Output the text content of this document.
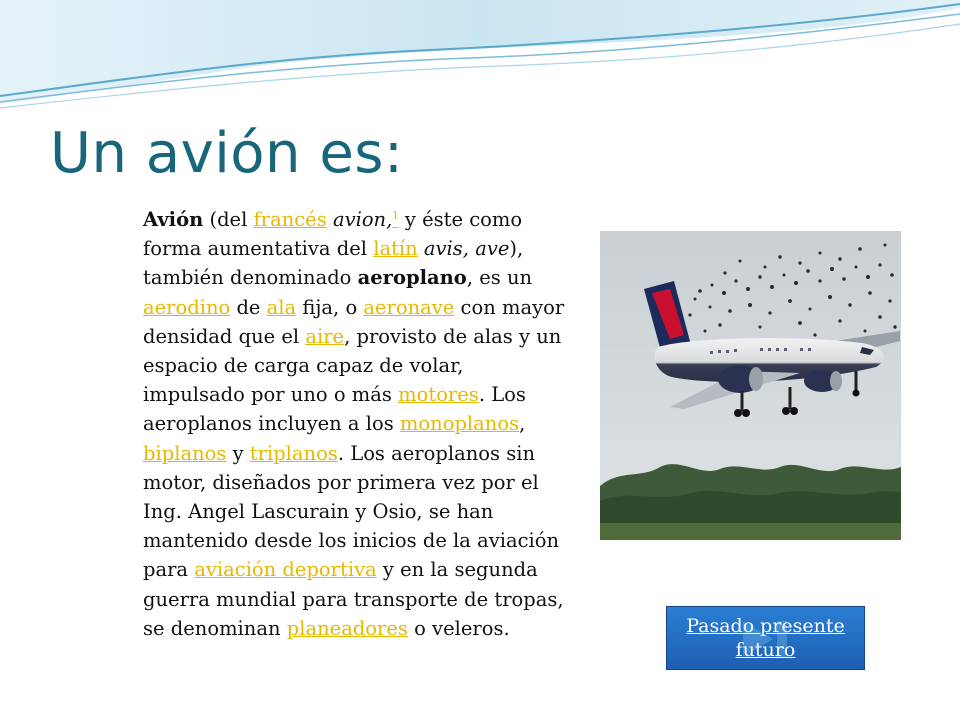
Un avión es:

Avión (del francés avion,$^1$ y éste como forma aumentativa del latín avis, ave), también denominado aeroplano, es un aerodino de ala fija, o aeronave con mayor densidad que el aire, provisto de alas y un espacio de carga capaz de volar, impulsado por uno o más motores. Los aeroplanos incluyen a los monoplanos, biplanos y triplanos. Los aeroplanos sin motor, diseñados por primera vez por el Ing. Angel Lascurain y Osio, se han mantenido desde los inicios de la aviación para aviación deportiva y en la segunda guerra mundial para transporte de tropas, se denominan planeadores o veleros.	Pasado presente futuro
